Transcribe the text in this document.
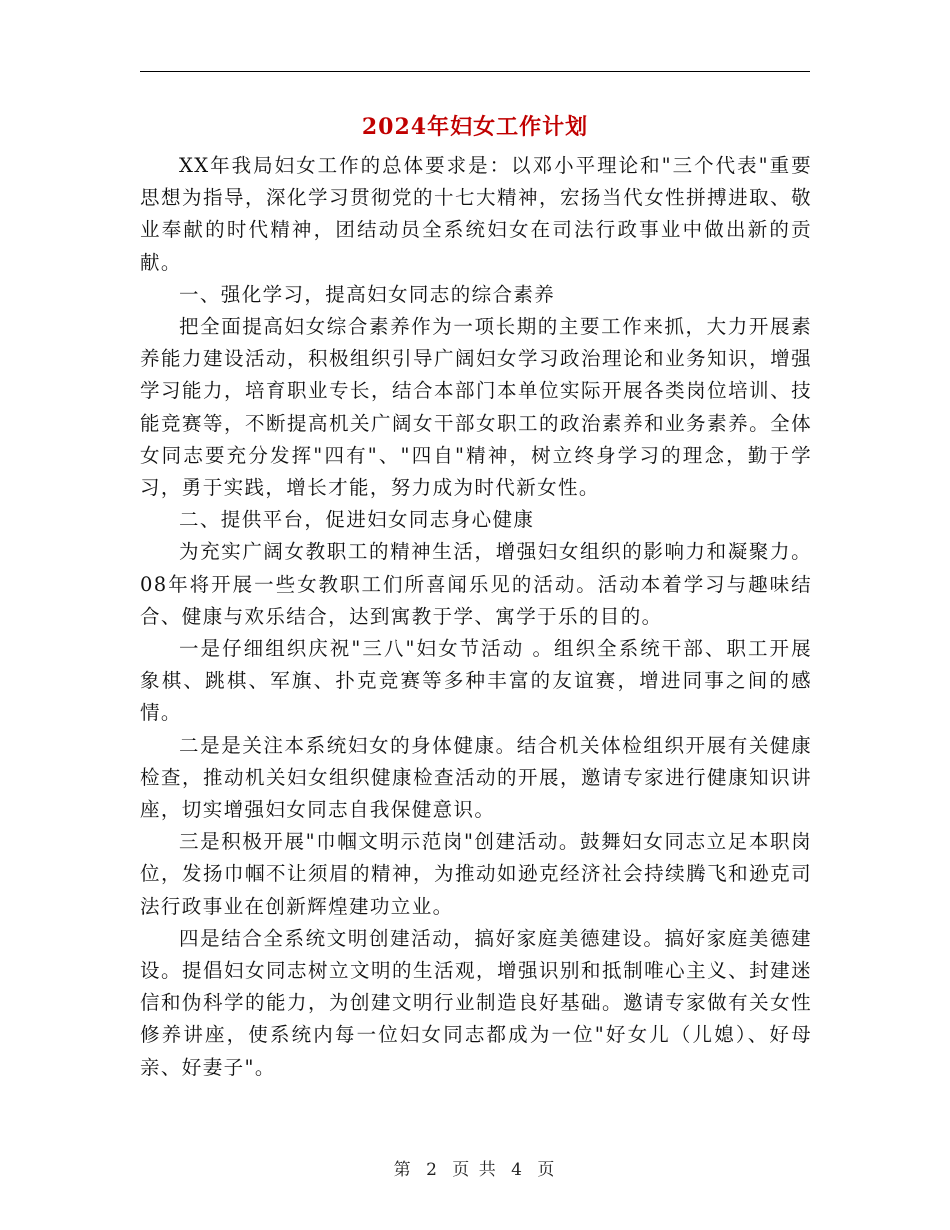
2024年妇女工作计划

XX年我局妇女工作的总体要求是：以邓小平理论和"三个代表"重要思想为指导，深化学习贯彻党的十七大精神，宏扬当代女性拼搏进取、敬业奉献的时代精神，团结动员全系统妇女在司法行政事业中做出新的贡献。

一、强化学习，提高妇女同志的综合素养

把全面提高妇女综合素养作为一项长期的主要工作来抓，大力开展素养能力建设活动，积极组织引导广阔妇女学习政治理论和业务知识，增强学习能力，培育职业专长，结合本部门本单位实际开展各类岗位培训、技能竞赛等，不断提高机关广阔女干部女职工的政治素养和业务素养。全体女同志要充分发挥"四有"、"四自"精神，树立终身学习的理念，勤于学习，勇于实践，增长才能，努力成为时代新女性。

二、提供平台，促进妇女同志身心健康

为充实广阔女教职工的精神生活，增强妇女组织的影响力和凝聚力。08年将开展一些女教职工们所喜闻乐见的活动。活动本着学习与趣味结合、健康与欢乐结合，达到寓教于学、寓学于乐的目的。

一是仔细组织庆祝"三八"妇女节活动 。组织全系统干部、职工开展象棋、跳棋、军旗、扑克竞赛等多种丰富的友谊赛，增进同事之间的感情。

二是是关注本系统妇女的身体健康。结合机关体检组织开展有关健康检查，推动机关妇女组织健康检查活动的开展，邀请专家进行健康知识讲座，切实增强妇女同志自我保健意识。

三是积极开展"巾帼文明示范岗"创建活动。鼓舞妇女同志立足本职岗位，发扬巾帼不让须眉的精神，为推动如逊克经济社会持续腾飞和逊克司法行政事业在创新辉煌建功立业。

四是结合全系统文明创建活动，搞好家庭美德建设。搞好家庭美德建设。提倡妇女同志树立文明的生活观，增强识别和抵制唯心主义、封建迷信和伪科学的能力，为创建文明行业制造良好基础。邀请专家做有关女性修养讲座，使系统内每一位妇女同志都成为一位"好女儿（儿媳）、好母亲、好妻子"。

第 2 页 共 4 页
